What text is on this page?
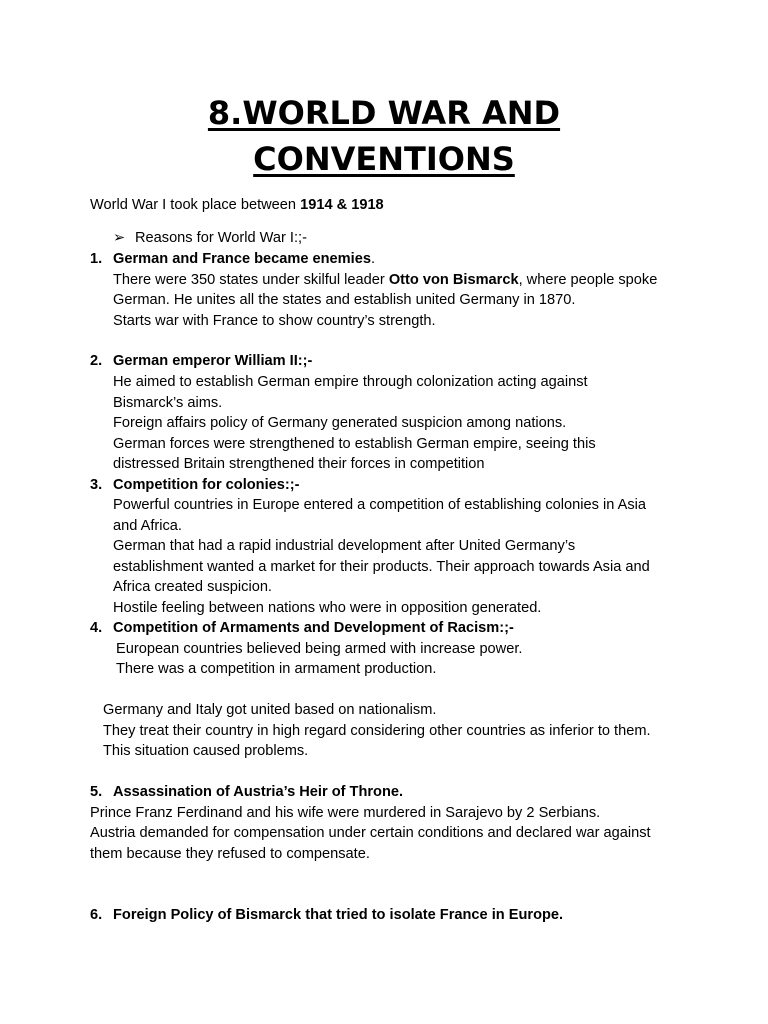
8.WORLD WAR AND
CONVENTIONS
World War I took place between 1914 & 1918
➢ Reasons for World War I:;-
1. German and France became enemies.
There were 350 states under skilful leader Otto von Bismarck, where people spoke
German. He unites all the states and establish united Germany in 1870.
Starts war with France to show country’s strength.
2. German emperor William II:;-
He aimed to establish German empire through colonization acting against
Bismarck’s aims.
Foreign affairs policy of Germany generated suspicion among nations.
German forces were strengthened to establish German empire, seeing this
distressed Britain strengthened their forces in competition
3. Competition for colonies:;-
Powerful countries in Europe entered a competition of establishing colonies in Asia
and Africa.
German that had a rapid industrial development after United Germany’s
establishment wanted a market for their products. Their approach towards Asia and
Africa created suspicion.
Hostile feeling between nations who were in opposition generated.
4. Competition of Armaments and Development of Racism:;-
European countries believed being armed with increase power.
There was a competition in armament production.
Germany and Italy got united based on nationalism.
They treat their country in high regard considering other countries as inferior to them.
This situation caused problems.
5. Assassination of Austria’s Heir of Throne.
Prince Franz Ferdinand and his wife were murdered in Sarajevo by 2 Serbians.
Austria demanded for compensation under certain conditions and declared war against
them because they refused to compensate.
6. Foreign Policy of Bismarck that tried to isolate France in Europe.
